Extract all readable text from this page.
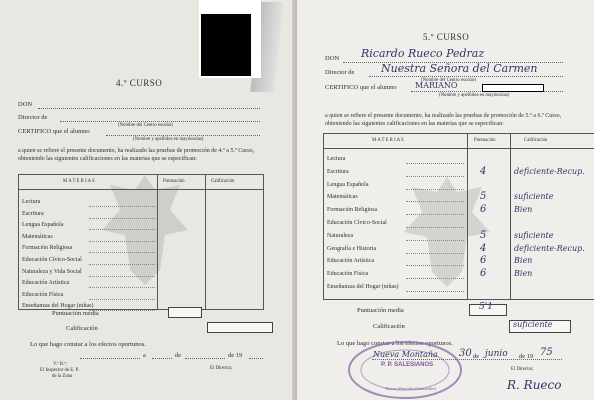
4.º CURSO
DON
Director de
(Nombre del Centro escolar)
CERTIFICO que el alumno
(Nombre y apellidos en mayúsculas)
a quien se refiere el presente documento, ha realizado las pruebas de promoción de 4.º a 5.º Curso, obteniendo las siguientes calificaciones en las materias que se especifican:
M A T E R I A S	Puntuación	Calificación
Lectura
Escritura
Lengua Española
Matemáticas
Formación Religiosa
Educación Cívico-Social
Naturaleza y Vida Social
Educación Artística
Educación Física
Enseñanzas del Hogar (niñas)
Puntuación media
Calificación
Lo que hago constar a los efectos oportunos.
a	de	de 19
V.º B.º:
El Inspector de E. P.
de la Zona
El Director,
5.º CURSO
DON Ricardo Rueco Pedraz
Director de Nuestra Señora del Carmen
(Nombre del Centro escolar)
CERTIFICO que el alumno MARIANO
(Nombre y apellidos en mayúsculas)
a quien se refiere el presente documento, ha realizado las pruebas de promoción de 5.º a 6.º Curso, obteniendo las siguientes calificaciones en las materias que se especifican:
M A T E R I A S	Puntuación	Calificación
Lectura
Escritura	4	deficiente-Recup.
Lengua Española
Matemáticas	5	suficiente
Formación Religiosa	6	Bien
Educación Cívico-Social
Naturaleza	5	suficiente
Geografía e Historia	4	deficiente-Recup.
Educación Artística	6	Bien
Educación Física	6	Bien
Enseñanzas del Hogar (niñas)
Puntuación media	5'1
Calificación	suficiente
Lo que hago constar a los efectos oportunos.
P. P. SALESIANOS
Nueva Montaña (Santander)
Nueva Montaña 30 de junio de 19 75
El Director,
R. Rueco
